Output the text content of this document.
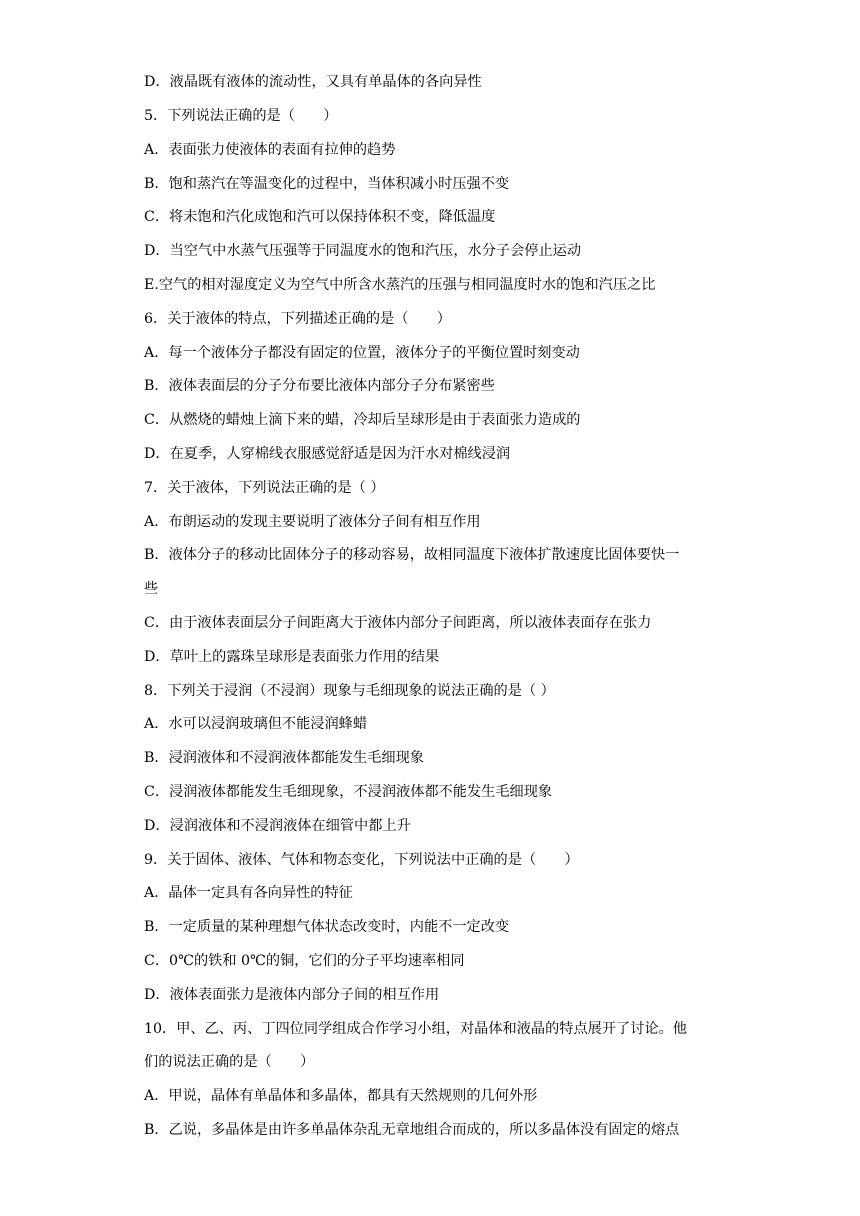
D．液晶既有液体的流动性，又具有单晶体的各向异性
5．下列说法正确的是（　　）
A．表面张力使液体的表面有拉伸的趋势
B．饱和蒸汽在等温变化的过程中，当体积减小时压强不变
C．将未饱和汽化成饱和汽可以保持体积不变，降低温度
D．当空气中水蒸气压强等于同温度水的饱和汽压，水分子会停止运动
E.空气的相对湿度定义为空气中所含水蒸汽的压强与相同温度时水的饱和汽压之比
6．关于液体的特点，下列描述正确的是（　　）
A．每一个液体分子都没有固定的位置，液体分子的平衡位置时刻变动
B．液体表面层的分子分布要比液体内部分子分布紧密些
C．从燃烧的蜡烛上滴下来的蜡，冷却后呈球形是由于表面张力造成的
D．在夏季，人穿棉线衣服感觉舒适是因为汗水对棉线浸润
7．关于液体，下列说法正确的是（ ）
A．布朗运动的发现主要说明了液体分子间有相互作用
B．液体分子的移动比固体分子的移动容易，故相同温度下液体扩散速度比固体要快一
些
C．由于液体表面层分子间距离大于液体内部分子间距离，所以液体表面存在张力
D．草叶上的露珠呈球形是表面张力作用的结果
8．下列关于浸润（不浸润）现象与毛细现象的说法正确的是（ ）
A．水可以浸润玻璃但不能浸润蜂蜡
B．浸润液体和不浸润液体都能发生毛细现象
C．浸润液体都能发生毛细现象，不浸润液体都不能发生毛细现象
D．浸润液体和不浸润液体在细管中都上升
9．关于固体、液体、气体和物态变化，下列说法中正确的是（　　）
A．晶体一定具有各向异性的特征
B．一定质量的某种理想气体状态改变时，内能不一定改变
C．0℃的铁和 0℃的铜，它们的分子平均速率相同
D．液体表面张力是液体内部分子间的相互作用
10．甲、乙、丙、丁四位同学组成合作学习小组，对晶体和液晶的特点展开了讨论。他
们的说法正确的是（　　）
A．甲说，晶体有单晶体和多晶体，都具有天然规则的几何外形
B．乙说，多晶体是由许多单晶体杂乱无章地组合而成的，所以多晶体没有固定的熔点
